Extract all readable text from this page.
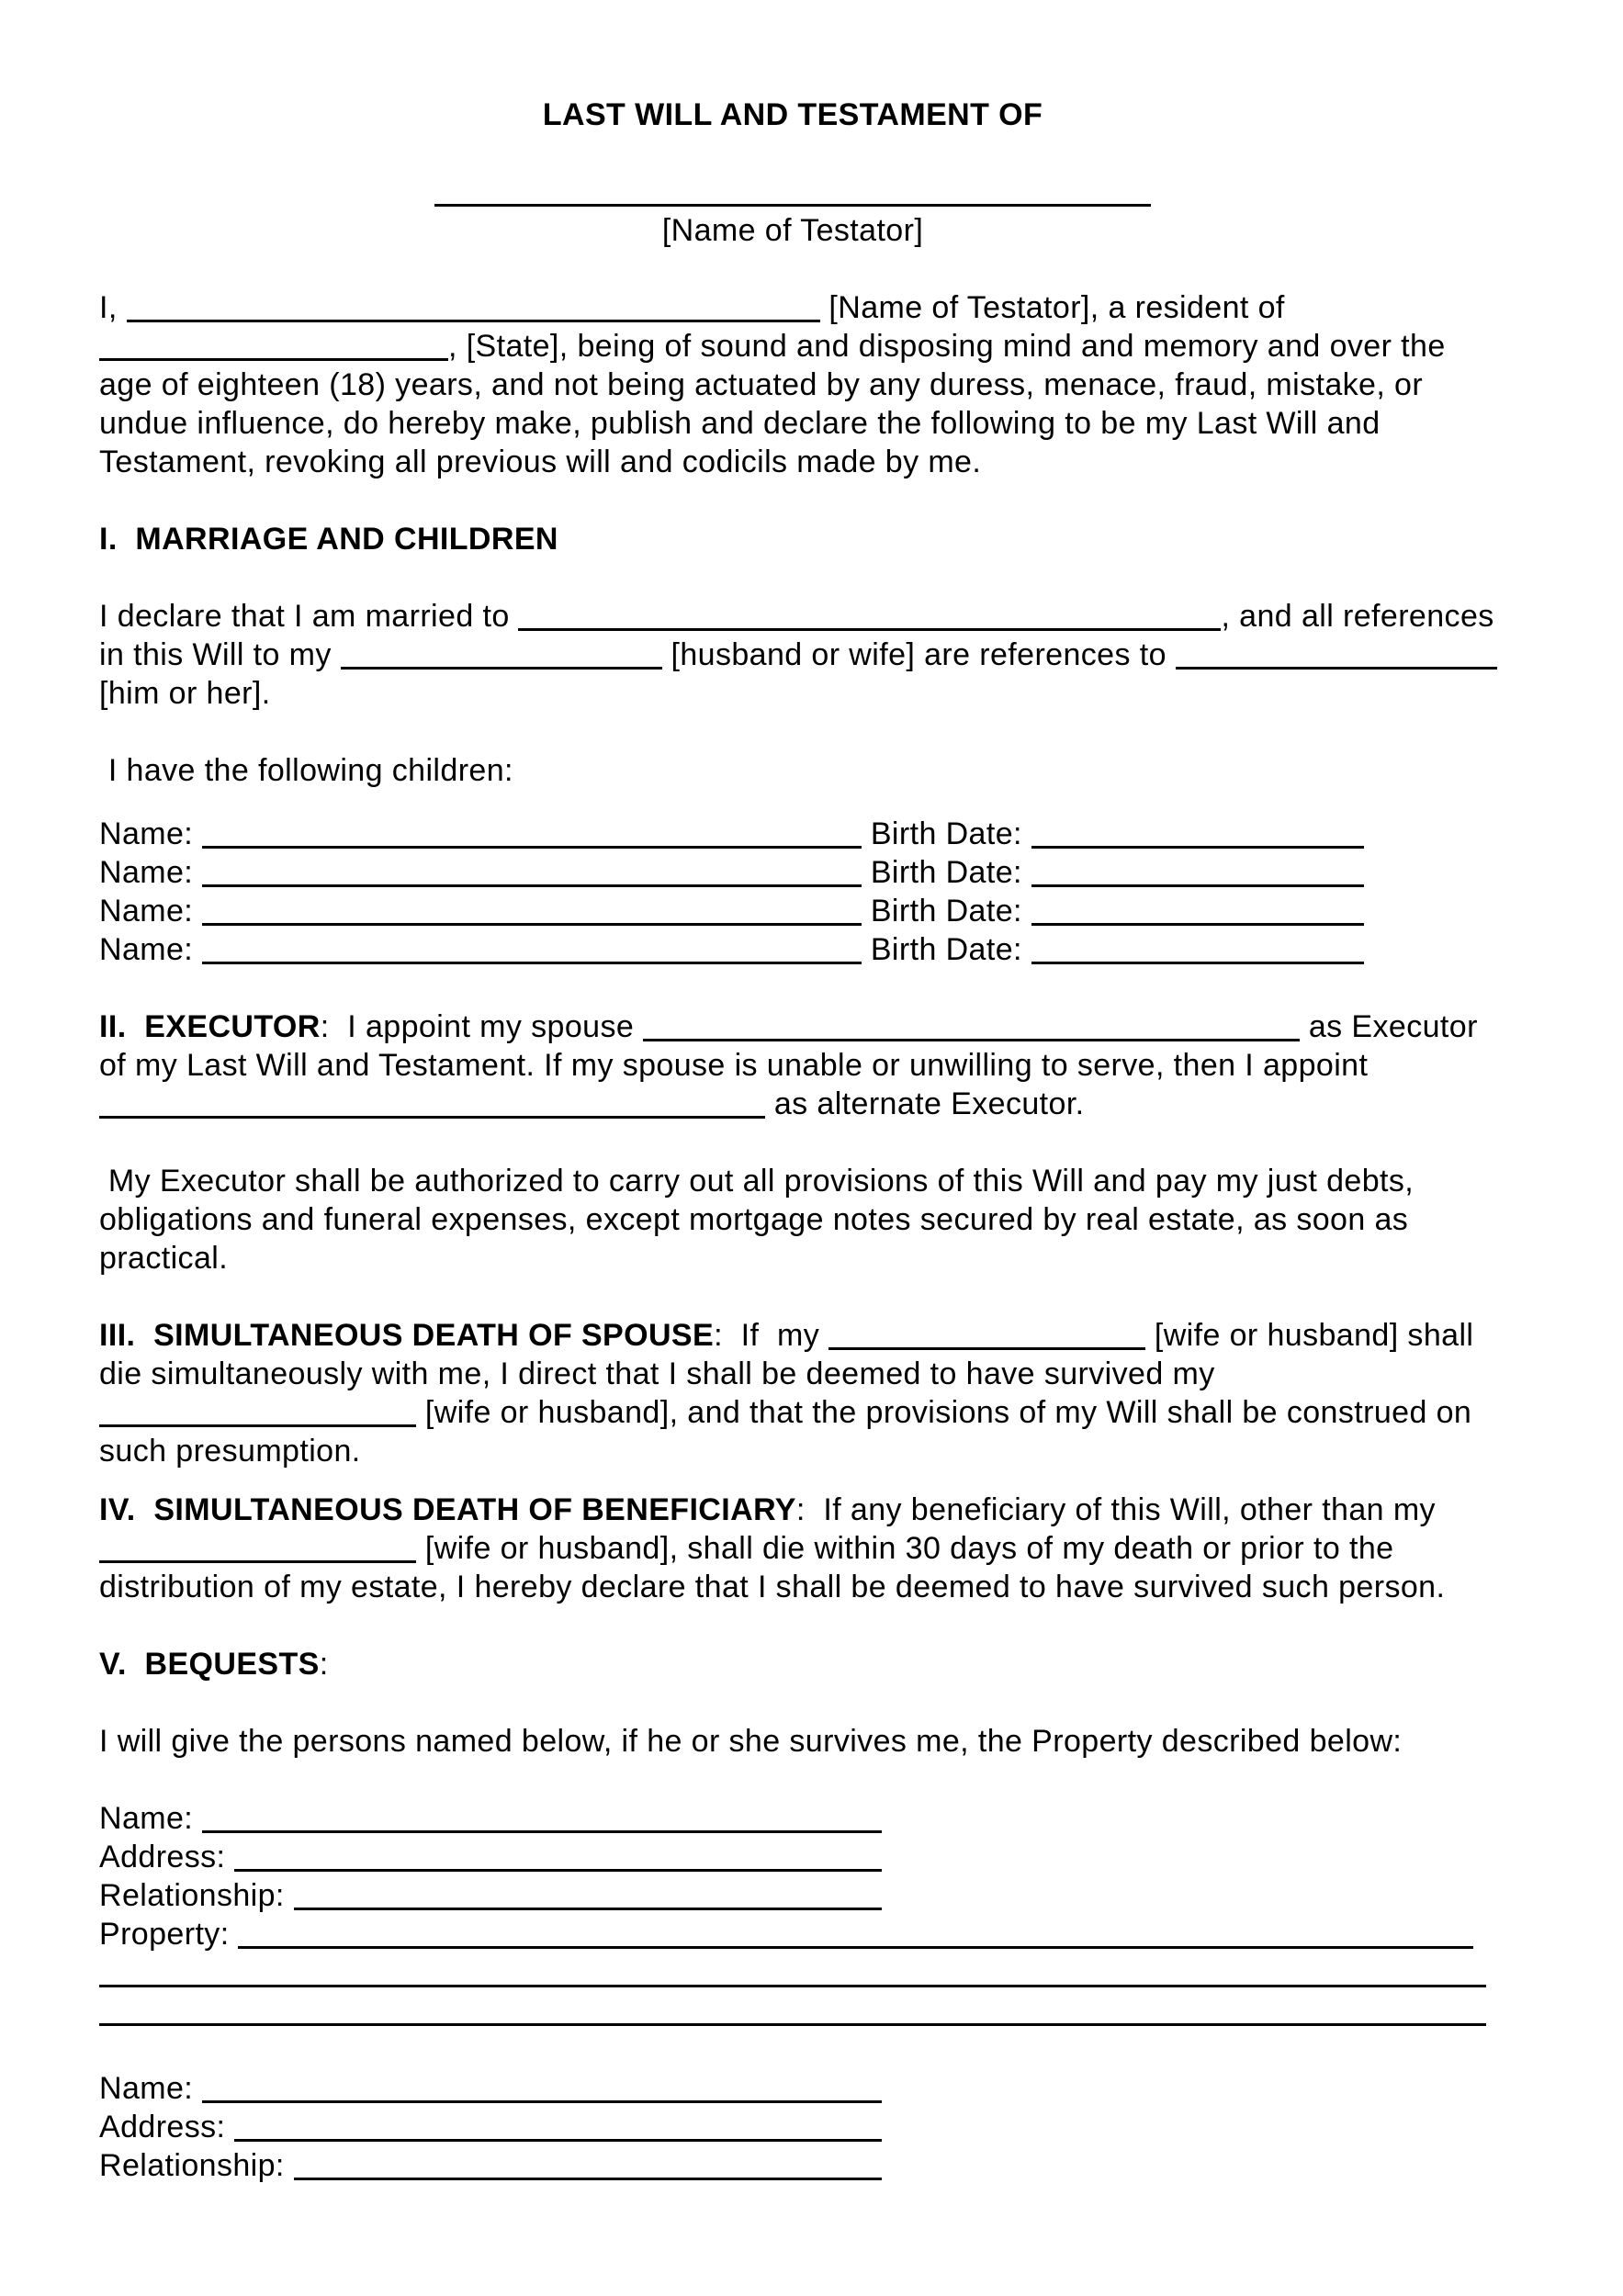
LAST WILL AND TESTAMENT OF

[Name of Testator]

I,	[Name of Testator], a resident of
, [State], being of sound and disposing mind and memory and over the
age of eighteen (18) years, and not being actuated by any duress, menace, fraud, mistake, or
undue influence, do hereby make, publish and declare the following to be my Last Will and
Testament, revoking all previous will and codicils made by me.

I.  MARRIAGE AND CHILDREN

I declare that I am married to	, and all references
in this Will to my	[husband or wife] are references to
[him or her].

I have the following children:

Name:	Birth Date:
Name:	Birth Date:
Name:	Birth Date:
Name:	Birth Date:

II.  EXECUTOR:  I appoint my spouse	as Executor
of my Last Will and Testament. If my spouse is unable or unwilling to serve, then I appoint
as alternate Executor.

My Executor shall be authorized to carry out all provisions of this Will and pay my just debts,
obligations and funeral expenses, except mortgage notes secured by real estate, as soon as
practical.

III.  SIMULTANEOUS DEATH OF SPOUSE:  If  my	[wife or husband] shall
die simultaneously with me, I direct that I shall be deemed to have survived my
[wife or husband], and that the provisions of my Will shall be construed on
such presumption.

IV.  SIMULTANEOUS DEATH OF BENEFICIARY:  If any beneficiary of this Will, other than my
[wife or husband], shall die within 30 days of my death or prior to the
distribution of my estate, I hereby declare that I shall be deemed to have survived such person.

V.  BEQUESTS:

I will give the persons named below, if he or she survives me, the Property described below:

Name:
Address:
Relationship:
Property:

Name:
Address:
Relationship:
